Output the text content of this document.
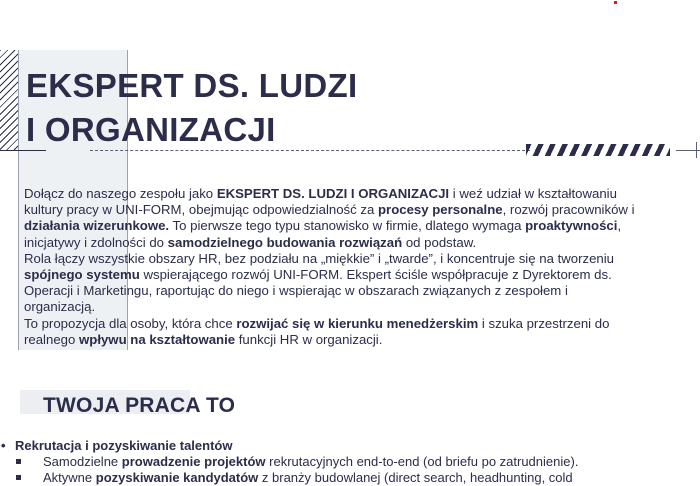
EKSPERT DS. LUDZI
I ORGANIZACJI

Dołącz do naszego zespołu jako EKSPERT DS. LUDZI I ORGANIZACJI i weź udział w kształtowaniu kultury pracy w UNI-FORM, obejmując odpowiedzialność za procesy personalne, rozwój pracowników i działania wizerunkowe. To pierwsze tego typu stanowisko w firmie, dlatego wymaga proaktywności, inicjatywy i zdolności do samodzielnego budowania rozwiązań od podstaw.

Rola łączy wszystkie obszary HR, bez podziału na „miękkie” i „twarde”, i koncentruje się na tworzeniu spójnego systemu wspierającego rozwój UNI-FORM. Ekspert ściśle współpracuje z Dyrektorem ds. Operacji i Marketingu, raportując do niego i wspierając w obszarach związanych z zespołem i organizacją.

To propozycja dla osoby, która chce rozwijać się w kierunku menedżerskim i szuka przestrzeni do realnego wpływu na kształtowanie funkcji HR w organizacji.

TWOJA PRACA TO
• Rekrutacja i pozyskiwanie talentów
Samodzielne prowadzenie projektów rekrutacyjnych end-to-end (od briefu po zatrudnienie).
Aktywne pozyskiwanie kandydatów z branży budowlanej (direct search, headhunting, cold
